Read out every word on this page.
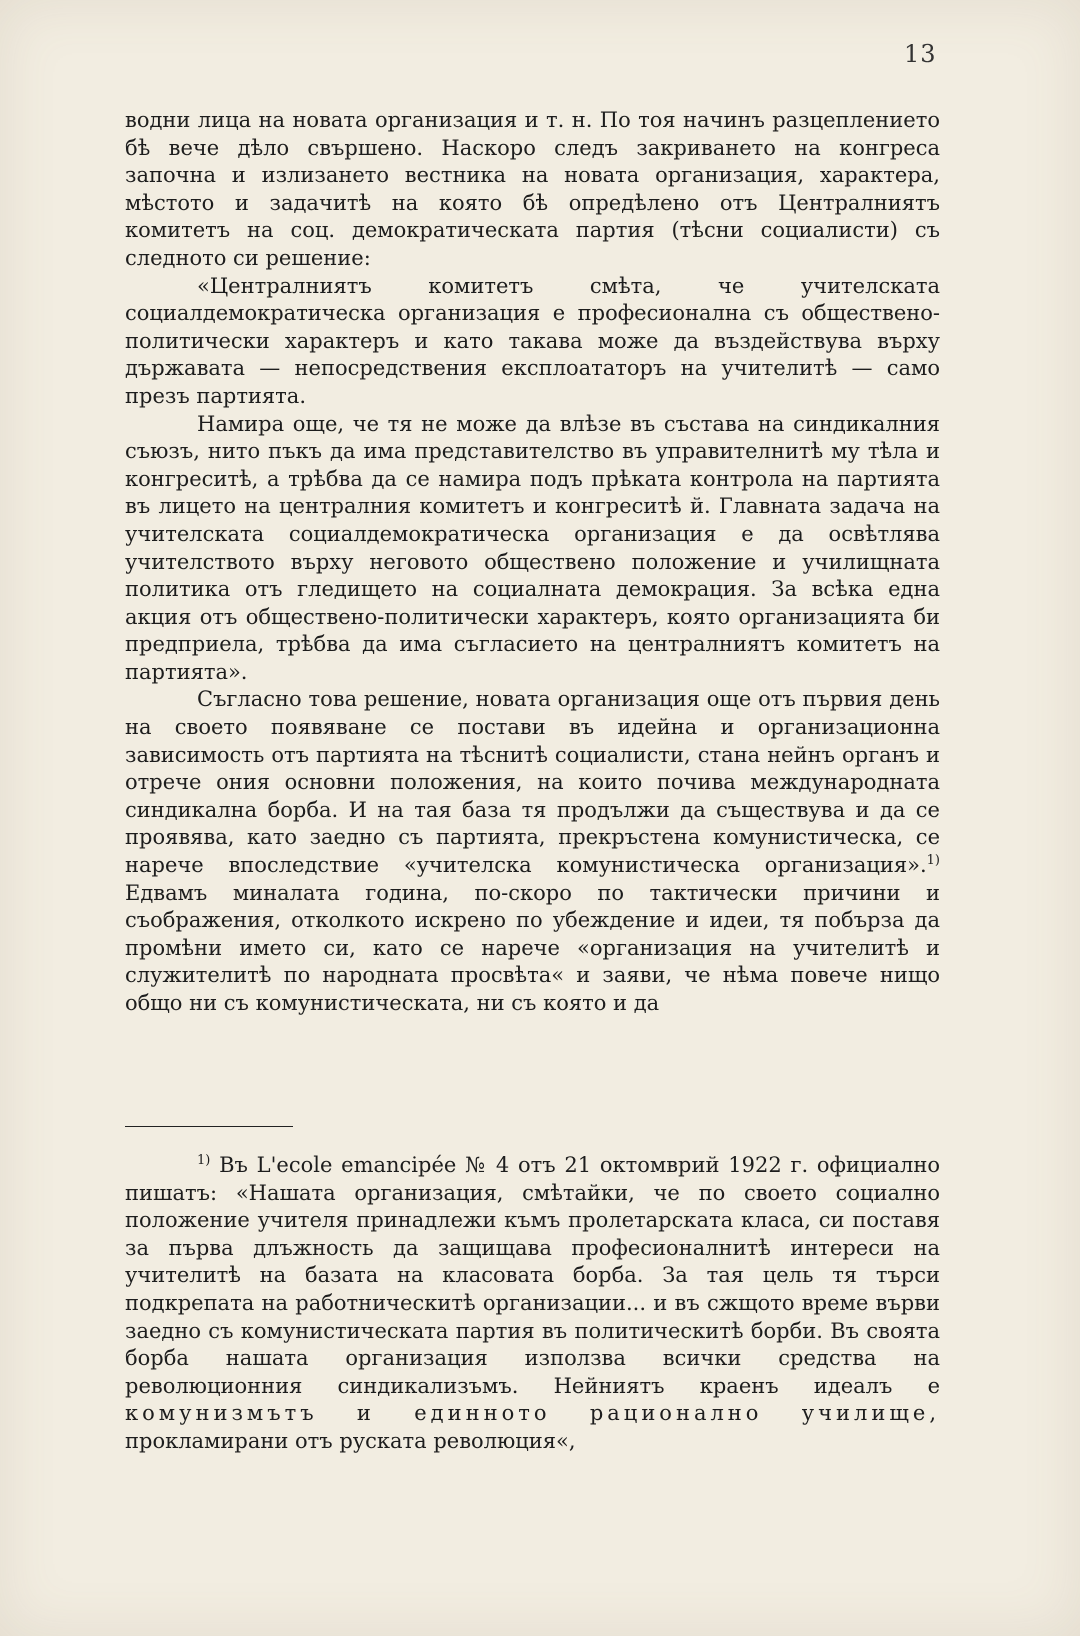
13

водни лица на новата организация и т. н. По тоя начинъ разцеплението бѣ вече дѣло свършено. Наскоро следъ закриването на конгреса започна и излизането вестника на новата организация, характера, мѣстото и задачитѣ на която бѣ опредѣлено отъ Централниятъ комитетъ на соц. демократическата партия (тѣсни социалисти) съ следното си решение:

«Централниятъ комитетъ смѣта, че учителската социалдемократическа организация е професионална съ обществено-политически характеръ и като такава може да въздействува върху държавата — непосредствения експлоататоръ на учителитѣ — само презъ партията.

Намира още, че тя не може да влѣзе въ състава на синдикалния съюзъ, нито пъкъ да има представителство въ управителнитѣ му тѣла и конгреситѣ, а трѣбва да се намира подъ прѣката контрола на партията въ лицето на централния комитетъ и конгреситѣ й. Главната задача на учителската социалдемократическа организация е да освѣтлява учителството върху неговото обществено положение и училищната политика отъ гледището на социалната демокрация. За всѣка една акция отъ обществено-политически характеръ, която организацията би предприела, трѣбва да има съгласието на централниятъ комитетъ на партията».

Съгласно това решение, новата организация още отъ първия день на своето появяване се постави въ идейна и организационна зависимость отъ партията на тѣснитѣ социалисти, стана нейнъ органъ и отрече ония основни положения, на които почива международната синдикална борба. И на тая база тя продължи да съществува и да се проявява, като заедно съ партията, прекръстена комунистическа, се нарече впоследствие «учителска комунистическа организация».$^{1)}$ Едвамъ миналата година, по-скоро по тактически причини и съображения, отколкото искрено по убеждение и идеи, тя побърза да промѣни името си, като се нарече «организация на учителитѣ и служителитѣ по народната просвѣта« и заяви, че нѣма повече нищо общо ни съ комунистическата, ни съ която и да

$^{1)}$ Въ L'ecole emancipée № 4 отъ 21 октомврий 1922 г. официално пишатъ: «Нашата организация, смѣтайки, че по своето социално положение учителя принадлежи къмъ пролетарската класа, си поставя за първа длъжность да защищава професионалнитѣ интереси на учителитѣ на базата на класовата борба. За тая цель тя търси подкрепата на работническитѣ организации... и въ сжщото време върви заедно съ комунистическата партия въ политическитѣ борби. Въ своята борба нашата организация използва всички средства на революционния синдикализъмъ. Нейниятъ краенъ идеалъ е комунизмътъ и единното рационално училище, прокламирани отъ руската революция«,
